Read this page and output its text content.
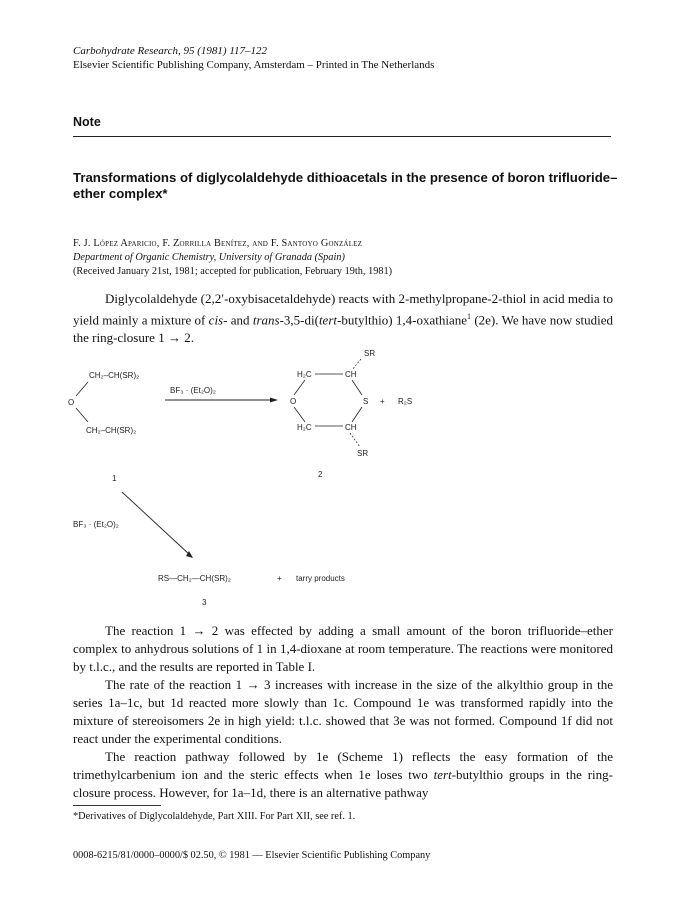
Carbohydrate Research, 95 (1981) 117–122
Elsevier Scientific Publishing Company, Amsterdam – Printed in The Netherlands
Note
Transformations of diglycolaldehyde dithioacetals in the presence of boron trifluoride–ether complex*
F. J. López Aparicio, F. Zorrilla Benítez, and F. Santoyo González
Department of Organic Chemistry, University of Granada (Spain)
(Received January 21st, 1981; accepted for publication, February 19th, 1981)

Diglycolaldehyde (2,2′-oxybisacetaldehyde) reacts with 2-methylpropane-2-thiol in acid media to yield mainly a mixture of cis- and trans-3,5-di(tert-butylthio) 1,4-oxathiane$^1$ (2e). We have now studied the ring-closure 1 → 2.

CH₂–CH(SR)₂
O
CH₂–CH(SR)₂
1
BF₃ · (Et₂O)₂
SR
H₂C	CH
O	S
H₂C	CH
SR
+ R₂S
2
BF₃ · (Et₂O)₂
RS—CH₂—CH(SR)₂	+ tarry products
3

The reaction 1 → 2 was effected by adding a small amount of the boron trifluoride–ether complex to anhydrous solutions of 1 in 1,4-dioxane at room temperature. The reactions were monitored by t.l.c., and the results are reported in Table I.

The rate of the reaction 1 → 3 increases with increase in the size of the alkylthio group in the series 1a–1c, but 1d reacted more slowly than 1c. Compound 1e was transformed rapidly into the mixture of stereoisomers 2e in high yield: t.l.c. showed that 3e was not formed. Compound 1f did not react under the experimental conditions.

The reaction pathway followed by 1e (Scheme 1) reflects the easy formation of the trimethylcarbenium ion and the steric effects when 1e loses two tert-butylthio groups in the ring-closure process. However, for 1a–1d, there is an alternative pathway

*Derivatives of Diglycolaldehyde, Part XIII. For Part XII, see ref. 1.
0008-6215/81/0000–0000/$ 02.50, © 1981 — Elsevier Scientific Publishing Company
